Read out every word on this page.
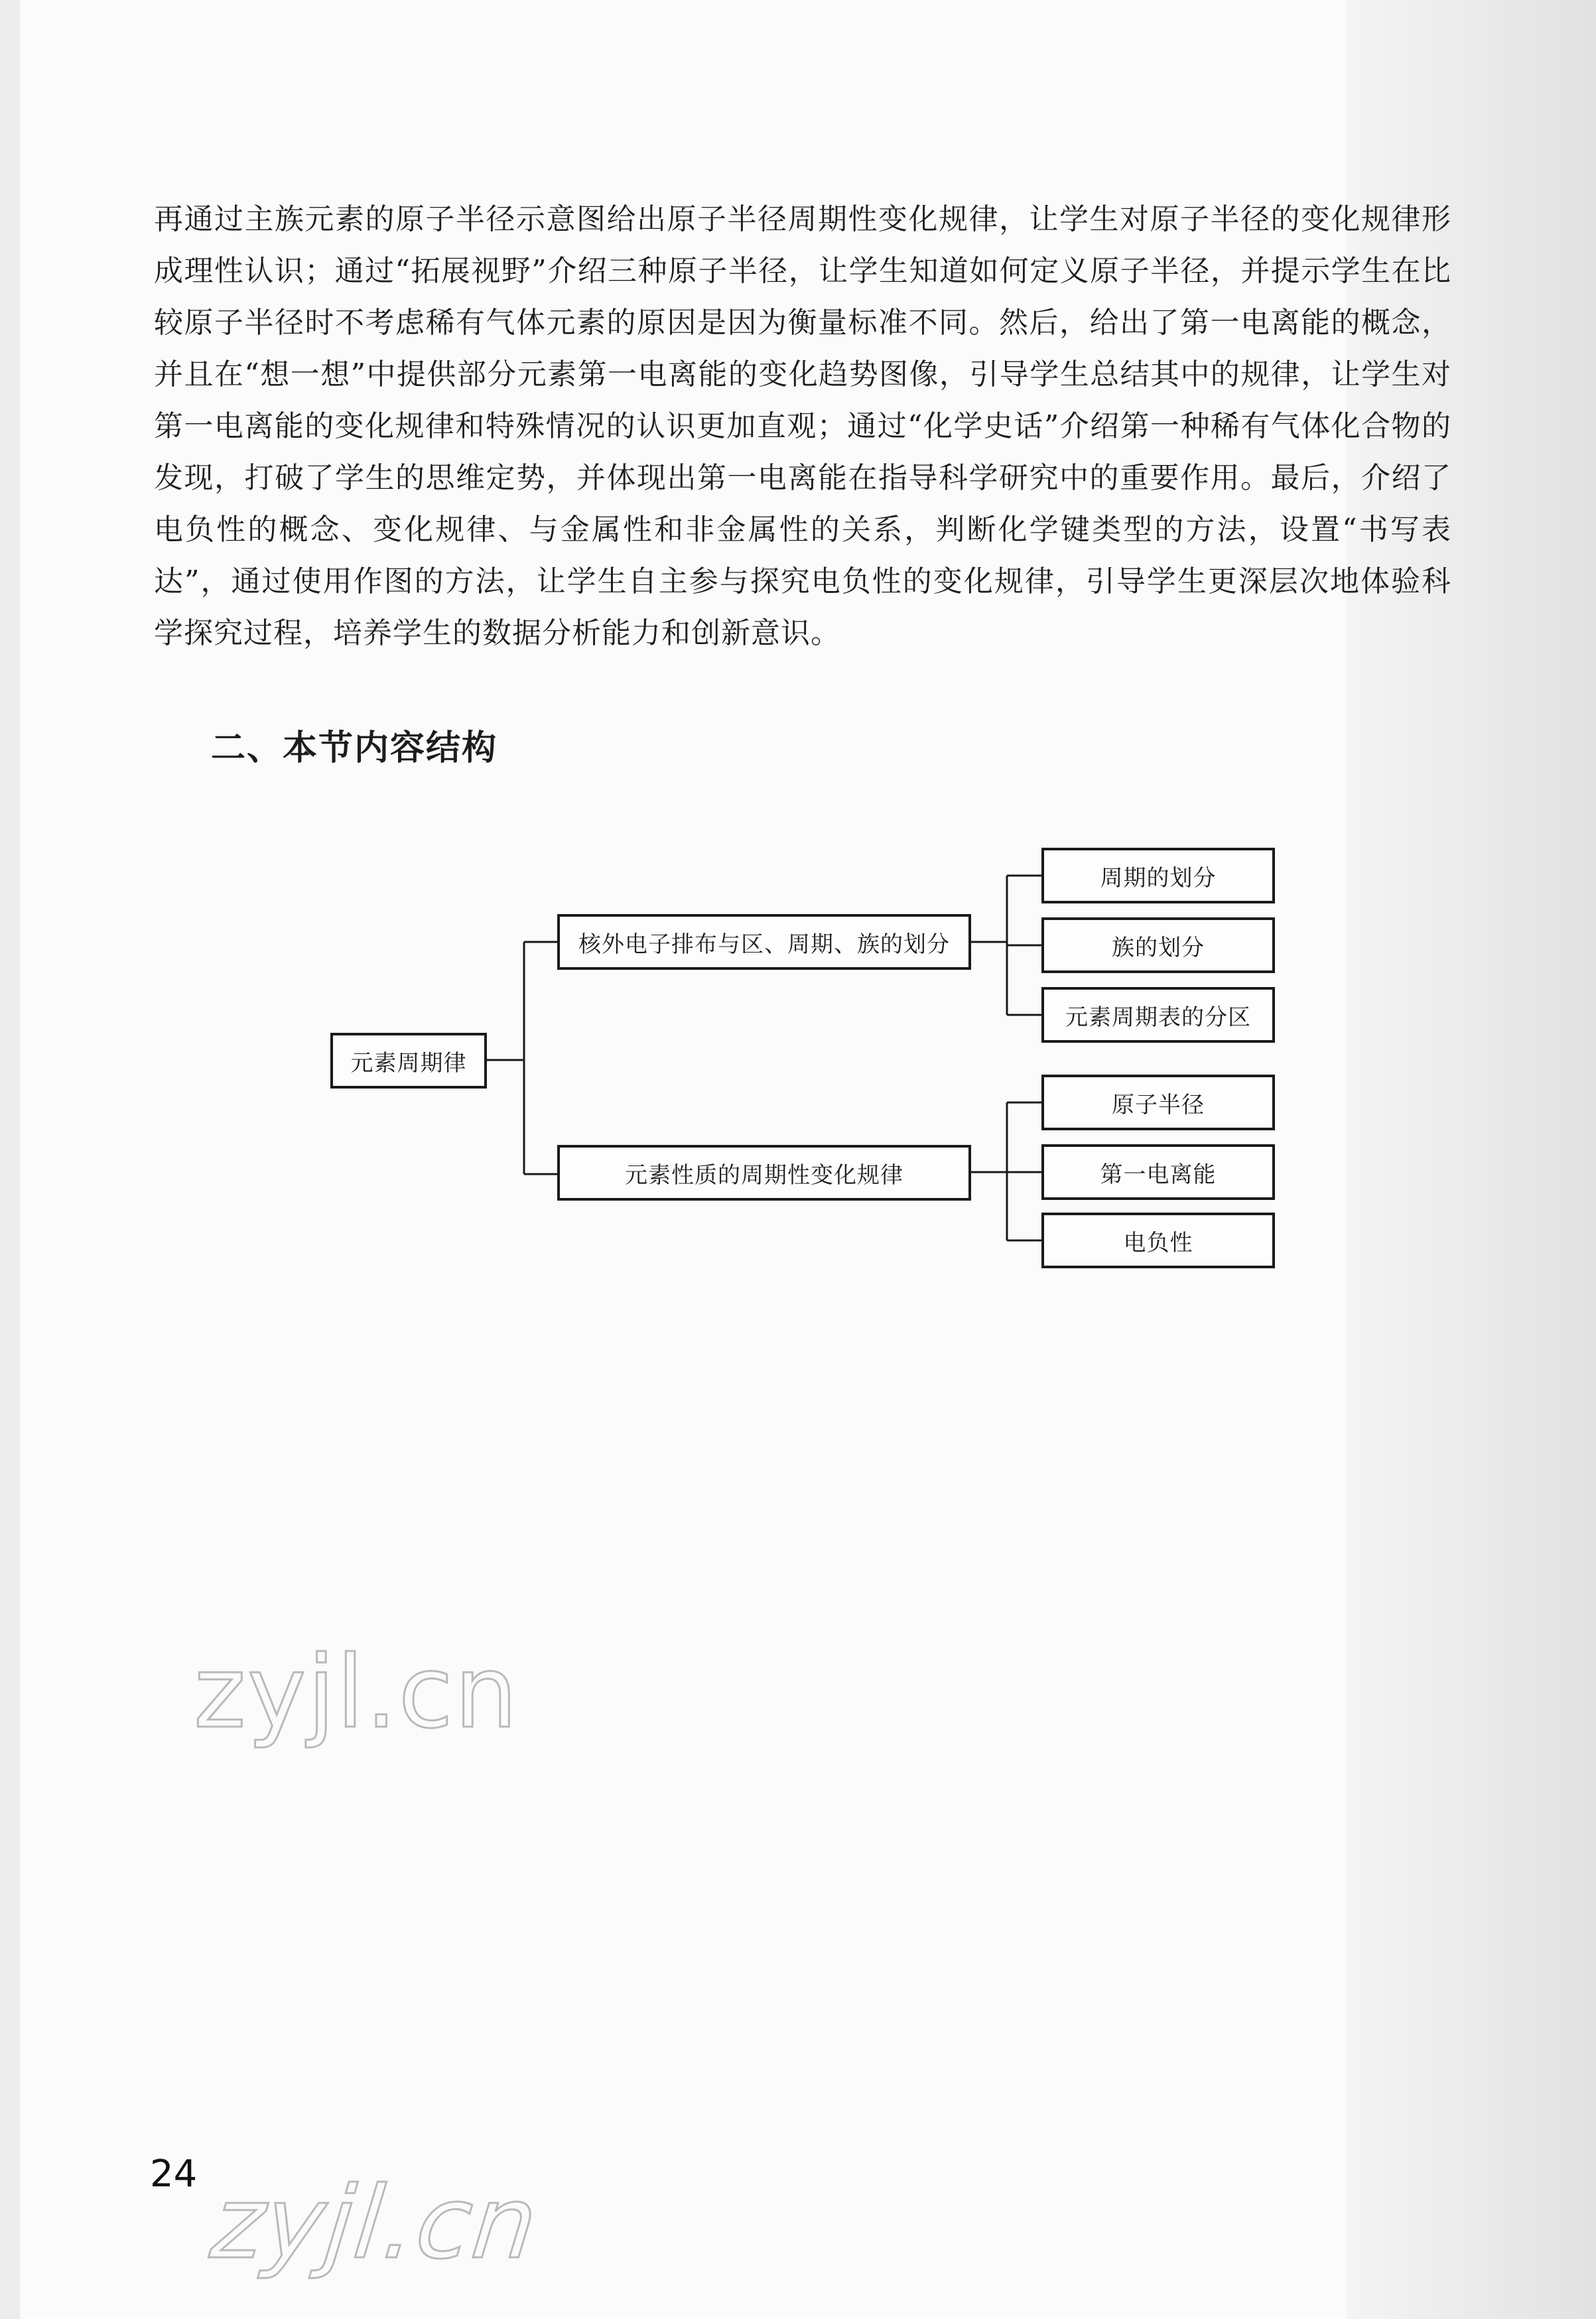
再通过主族元素的原子半径示意图给出原子半径周期性变化规律，让学生对原子半径的变化规律形成理性认识；通过“拓展视野”介绍三种原子半径，让学生知道如何定义原子半径，并提示学生在比较原子半径时不考虑稀有气体元素的原因是因为衡量标准不同。然后，给出了第一电离能的概念，并且在“想一想”中提供部分元素第一电离能的变化趋势图像，引导学生总结其中的规律，让学生对第一电离能的变化规律和特殊情况的认识更加直观；通过“化学史话”介绍第一种稀有气体化合物的发现，打破了学生的思维定势，并体现出第一电离能在指导科学研究中的重要作用。最后，介绍了电负性的概念、变化规律、与金属性和非金属性的关系，判断化学键类型的方法，设置“书写表达”，通过使用作图的方法，让学生自主参与探究电负性的变化规律，引导学生更深层次地体验科学探究过程，培养学生的数据分析能力和创新意识。
二、本节内容结构
元素周期律
核外电子排布与区、周期、族的划分
元素性质的周期性变化规律
周期的划分
族的划分
元素周期表的分区
原子半径
第一电离能
电负性
zyjl.cn
24 zyjl.cn
